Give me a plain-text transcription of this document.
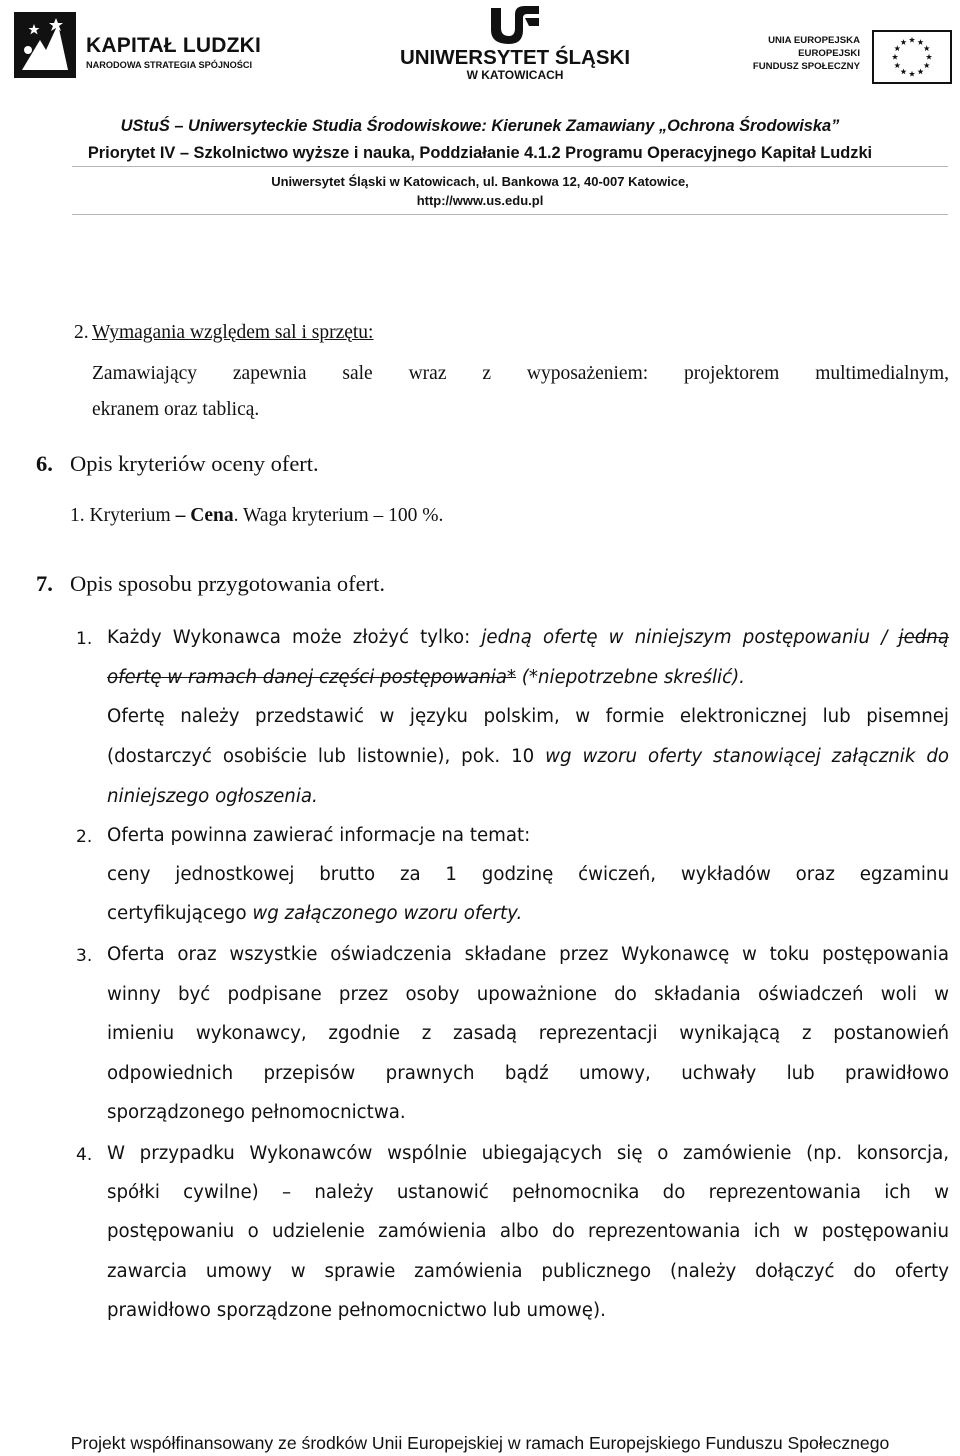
KAPITAŁ LUDZKI
NARODOWA STRATEGIA SPÓJNOŚCI	UNIWERSYTET ŚLĄSKI
W KATOWICACH
UNIA EUROPEJSKA
EUROPEJSKI
FUNDUSZ SPOŁECZNY
UStuŚ – Uniwersyteckie Studia Środowiskowe: Kierunek Zamawiany „Ochrona Środowiska”
Priorytet IV – Szkolnictwo wyższe i nauka, Poddziałanie 4.1.2 Programu Operacyjnego Kapitał Ludzki
Uniwersytet Śląski w Katowicach, ul. Bankowa 12, 40-007 Katowice,
http://www.us.edu.pl
2. Wymagania względem sal i sprzętu:
Zamawiający zapewnia sale wraz z wyposażeniem: projektorem multimedialnym,
ekranem oraz tablicą.
6. Opis kryteriów oceny ofert.
1. Kryterium – Cena. Waga kryterium – 100 %.
7. Opis sposobu przygotowania ofert.
1. Każdy Wykonawca może złożyć tylko: jedną ofertę w niniejszym postępowaniu / jedną
ofertę w ramach danej części postępowania* (*niepotrzebne skreślić).
Ofertę należy przedstawić w języku polskim, w formie elektronicznej lub pisemnej
(dostarczyć osobiście lub listownie), pok. 10 wg wzoru oferty stanowiącej załącznik do
niniejszego ogłoszenia.
2. Oferta powinna zawierać informacje na temat:
ceny jednostkowej brutto za 1 godzinę ćwiczeń, wykładów oraz egzaminu
certyfikującego wg załączonego wzoru oferty.
3. Oferta oraz wszystkie oświadczenia składane przez Wykonawcę w toku postępowania
winny być podpisane przez osoby upoważnione do składania oświadczeń woli w
imieniu wykonawcy, zgodnie z zasadą reprezentacji wynikającą z postanowień
odpowiednich przepisów prawnych bądź umowy, uchwały lub prawidłowo
sporządzonego pełnomocnictwa.
4. W przypadku Wykonawców wspólnie ubiegających się o zamówienie (np. konsorcja,
spółki cywilne) – należy ustanowić pełnomocnika do reprezentowania ich w
postępowaniu o udzielenie zamówienia albo do reprezentowania ich w postępowaniu
zawarcia umowy w sprawie zamówienia publicznego (należy dołączyć do oferty
prawidłowo sporządzone pełnomocnictwo lub umowę).
Projekt współfinansowany ze środków Unii Europejskiej w ramach Europejskiego Funduszu Społecznego
